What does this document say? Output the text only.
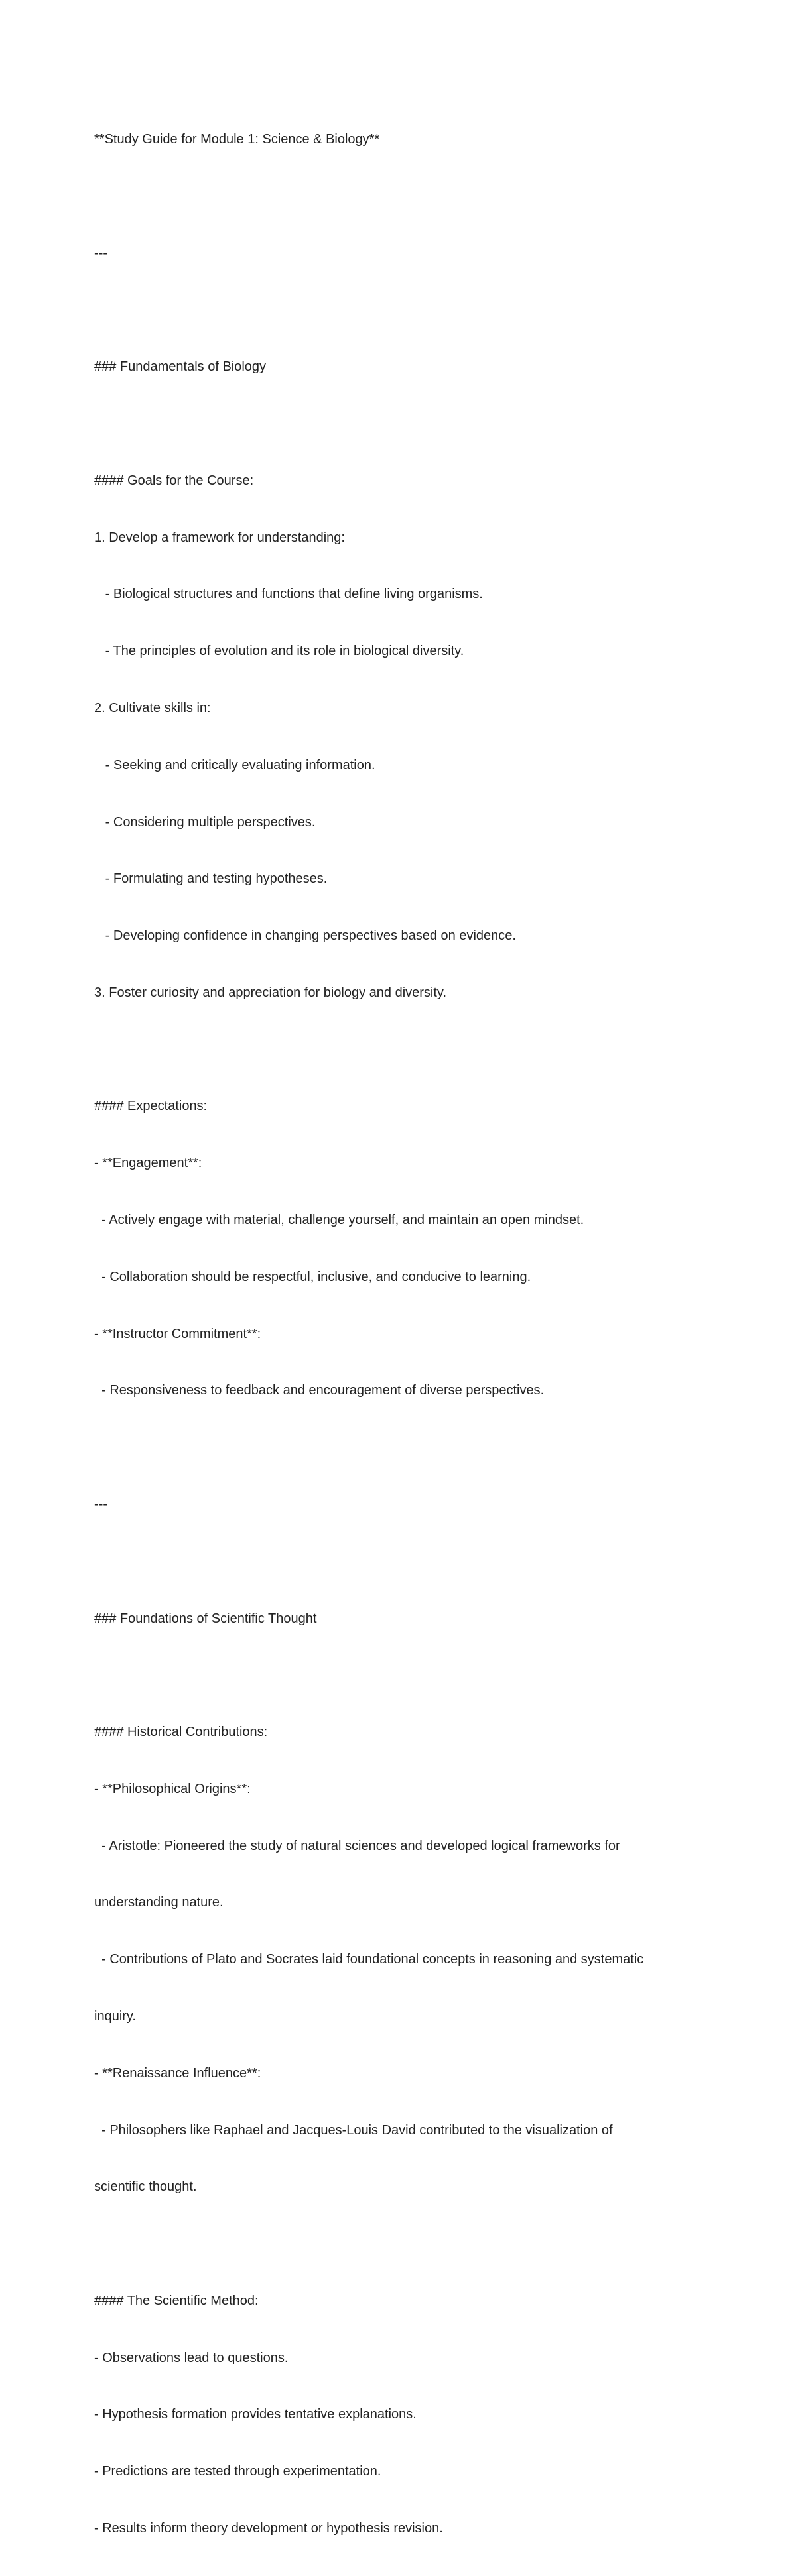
**Study Guide for Module 1: Science & Biology**

---

### Fundamentals of Biology

#### Goals for the Course:

1. Develop a framework for understanding:

- Biological structures and functions that define living organisms.

- The principles of evolution and its role in biological diversity.

2. Cultivate skills in:

- Seeking and critically evaluating information.

- Considering multiple perspectives.

- Formulating and testing hypotheses.

- Developing confidence in changing perspectives based on evidence.

3. Foster curiosity and appreciation for biology and diversity.

#### Expectations:

- **Engagement**:

- Actively engage with material, challenge yourself, and maintain an open mindset.

- Collaboration should be respectful, inclusive, and conducive to learning.

- **Instructor Commitment**:

- Responsiveness to feedback and encouragement of diverse perspectives.

---

### Foundations of Scientific Thought

#### Historical Contributions:

- **Philosophical Origins**:

- Aristotle: Pioneered the study of natural sciences and developed logical frameworks for

understanding nature.

- Contributions of Plato and Socrates laid foundational concepts in reasoning and systematic

inquiry.

- **Renaissance Influence**:

- Philosophers like Raphael and Jacques-Louis David contributed to the visualization of

scientific thought.

#### The Scientific Method:

- Observations lead to questions.

- Hypothesis formation provides tentative explanations.

- Predictions are tested through experimentation.

- Results inform theory development or hypothesis revision.
